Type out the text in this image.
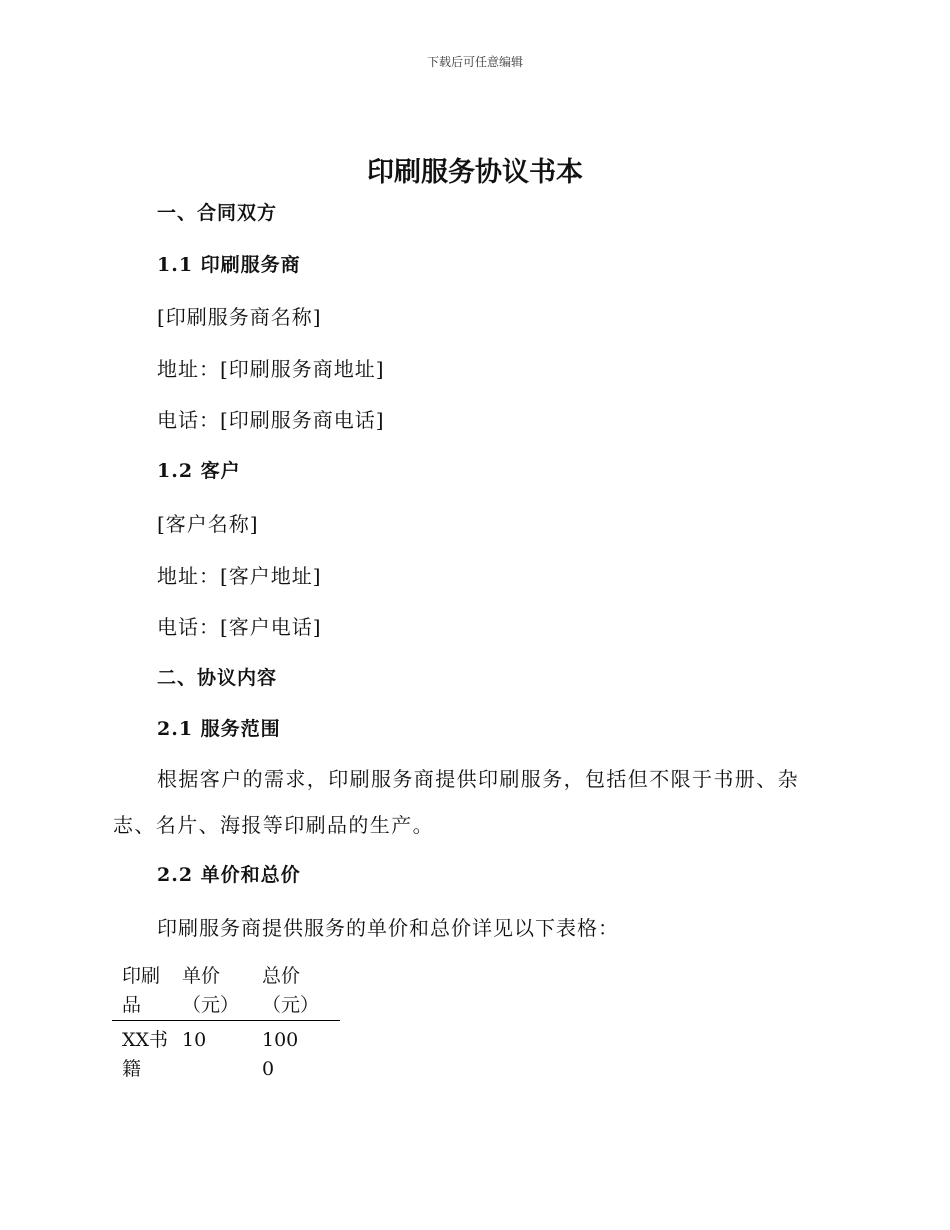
下载后可任意编辑
印刷服务协议书本
一、合同双方
1.1 印刷服务商
[印刷服务商名称]
地址：[印刷服务商地址]
电话：[印刷服务商电话]
1.2 客户
[客户名称]
地址：[客户地址]
电话：[客户电话]
二、协议内容
2.1 服务范围
根据客户的需求，印刷服务商提供印刷服务，包括但不限于书册、杂志、名片、海报等印刷品的生产。
2.2 单价和总价
印刷服务商提供服务的单价和总价详见以下表格：
印刷品	单价（元）	总价（元）

XX书籍	10	1000
